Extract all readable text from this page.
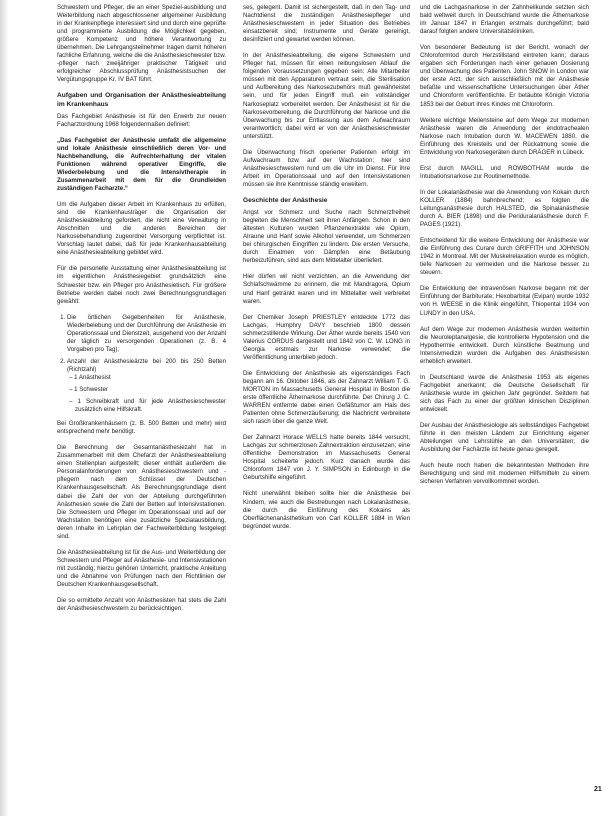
Schwestern und Pfleger, die an einer Speziel-ausbildung und Weiterbildung nach abgeschlossener allgemeiner Ausbildung in der Krankenpflege interessiert sind und durch eine geprüfte und programmierte Ausbildung die Möglichkeit gegeben, größere Kompetenz und höhere Verantwortung zu übernehmen. Die Lehrgangsteilnehmer tragen damit höheren fachliche Erfahrung, welche die die Anästhesieschwester bzw. -pfleger nach zweijähriger praktischer Tätigkeit und erfolgreicher Abschlussprüfung Anästhesistsuchen der Vergütungsgruppe Kr. IV BAT führt.

Aufgaben und Organisation der Anästhesieabteilung im Krankenhaus

Das Fachgebiet Anästhesie ist für den Erwerb zur neuen Facharztordnung 1968 folgendermaßen definiert:

„Das Fachgebiet der Anästhesie umfaßt die allgemeine und lokale Anästhesie einschließlich deren Vor- und Nachbehandlung, die Aufrechterhaltung der vitalen Funktionen während operativer Eingriffe, die Wiederbelebung und die Intensivtherapie in Zusammenarbeit mit dem für die Grundleiden zuständigen Facharzte.“

Um die Aufgaben dieser Arbeit im Krankenhaus zu erfüllen, sind die Krankenhausträger die Organisation der Anästhesieabteilung gefordert, die nicht eine Verwaltung in Abschnitten und die anderen Bereichen der Narkosebehandlung zugeordnet Versorgung verpflichtet ist. Vorschlag lautet dabei, daß für jede Krankenhausabteilung eine Anästhesieabteilung gebildet wird.

Für die personelle Ausstattung einer Anästhesieabteilung ist im eigentlichen Anästhesiegebiet grundsätzlich eine Schwester bzw. ein Pfleger pro Anästhesietisch. Für größere Betriebe werden dabei noch zwei Berechnungsgrundlagen gewählt:

1. Die örtlichen Gegebenheiten für Anästhesie, Wiederbelebung und der Durchführung der Anästhesie im Operationssaal und Dienstzeit, ausgehend von der Anzahl der täglich zu versorgenden Operationen (z. B. 4 Vorgaben pro Tag);
2. Anzahl der Anästhesieärzte bei 200 bis 250 Betten (Richtzahl)
– 1 Anästhesist
– 1 Schwester
– 1 Schreibkraft und für jede Anästhesieschwester zusätzlich eine Hilfskraft.

Bei Großkrankenhäusern (z. B. 500 Betten und mehr) wird entsprechend mehr benötigt.

Die Berechnung der Gesamtanästhesiezahl hat in Zusammenarbeit mit dem Chefarzt der Anästhesieabteilung einen Stellenplan aufgestellt; dieser enthält außerdem die Personalanforderungen von Anästhesieschwestern und -pflegern nach dem Schlüssel der Deutschen Krankenhausgesellschaft. Als Berechnungsgrundlage dient dabei die Zahl der von der Abteilung durchgeführten Anästhesien sowie die Zahl der Betten auf Intensivstationen. Die Schwestern und Pfleger im Operationssaal und auf der Wachstation benötigen eine zusätzliche Spezialausbildung, deren Inhalte im Lehrplan der Fachweiterbildung festgelegt sind.

Die Anästhesieabteilung ist für die Aus- und Weiterbildung der Schwestern und Pfleger auf Anästhesie- und Intensivstationen mit zuständig; hierzu gehören Unterricht, praktische Anleitung und die Abnahme von Prüfungen nach den Richtlinien der Deutschen Krankenhausgesellschaft.

Die so ermittelte Anzahl von Anästhesisten hat stets die Zahl der Anästhesieschwestern zu berücksichtigen.

ses, gelegent. Damit ist sichergestellt, daß in den Tag- und Nachtdienst die zuständigen Anästhesiepfleger und Anästhesieschwestern in jeder Situation des Betriebes einsatzbereit sind; Instrumente und Geräte gereinigt, desinfiziert und gewartet werden können.

In der Anästhesieabteilung, die eigene Schwestern und Pfleger hat, müssen für einen reibungslosen Ablauf die folgenden Voraussetzungen gegeben sein: Alle Mitarbeiter müssen mit den Apparaturen vertraut sein, die Sterilisation und Aufbereitung des Narkosezubehörs muß gewährleistet sein, und für jeden Eingriff muß ein vollständiger Narkoseplatz vorbereitet werden. Der Anästhesist ist für die Narkosevorbereitung, die Durchführung der Narkose und die Überwachung bis zur Entlassung aus dem Aufwachraum verantwortlich; dabei wird er von der Anästhesieschwester unterstützt.

Die Überwachung frisch operierter Patienten erfolgt im Aufwachraum bzw. auf der Wachstation; hier sind Anästhesieschwestern rund um die Uhr im Dienst. Für ihre Arbeit im Operationssaal und auf den Intensivstationen müssen sie ihre Kenntnisse ständig erweitern.

Geschichte der Anästhesie

Angst vor Schmerz und Suche nach Schmerzfreiheit begleiten die Menschheit seit ihren Anfängen. Schon in den ältesten Kulturen wurden Pflanzenextrakte wie Opium, Alraune und Hanf sowie Alkohol verwendet, um Schmerzen bei chirurgischen Eingriffen zu lindern. Die ersten Versuche, durch Einatmen von Dämpfen eine Betäubung herbeizuführen, sind aus dem Mittelalter überliefert.

Hier dürfen wir nicht verzichten, an die Anwendung der Schlafschwämme zu erinnern, die mit Mandragora, Opium und Hanf getränkt waren und im Mittelalter weit verbreitet waren.

Der Chemiker Joseph PRIESTLEY entdeckte 1772 das Lachgas, Humphry DAVY beschrieb 1800 dessen schmerzstillende Wirkung. Der Äther wurde bereits 1540 von Valerius CORDUS dargestellt und 1842 von C. W. LONG in Georgia erstmals zur Narkose verwendet; die Veröffentlichung unterblieb jedoch.

Die Entwicklung der Anästhesie als eigenständiges Fach begann am 16. Oktober 1846, als der Zahnarzt William T. G. MORTON im Massachusetts General Hospital in Boston die erste öffentliche Äthernarkose durchführte. Der Chirurg J. C. WARREN entfernte dabei einen Gefäßtumor am Hals des Patienten ohne Schmerzäußerung; die Nachricht verbreitete sich rasch über die ganze Welt.

Der Zahnarzt Horace WELLS hatte bereits 1844 versucht, Lachgas zur schmerzlosen Zahnextraktion einzusetzen; eine öffentliche Demonstration im Massachusetts General Hospital scheiterte jedoch. Kurz danach wurde das Chloroform 1847 von J. Y. SIMPSON in Edinburgh in die Geburtshilfe eingeführt.

Nicht unerwähnt bleiben sollte hier die Anästhesie bei Kindern, wie auch die Bestrebungen nach Lokalanästhesie, die durch die Einführung des Kokains als Oberflächenanästhetikum von Carl KOLLER 1884 in Wien begründet wurde.

und die Lachgasnarkose in der Zahnheilkunde setzten sich bald weltweit durch. In Deutschland wurde die Äthernarkose im Januar 1847 in Erlangen erstmals durchgeführt; bald darauf folgten andere Universitätskliniken.

Von besonderer Bedeutung ist der Bericht, wonach der Chloroformtod durch Herzstillstand eintreten kann; daraus ergaben sich Forderungen nach einer genauen Dosierung und Überwachung des Patienten. John SNOW in London war der erste Arzt, der sich ausschließlich mit der Anästhesie befaßte und wissenschaftliche Untersuchungen über Äther und Chloroform veröffentlichte. Er betäubte Königin Victoria 1853 bei der Geburt ihres Kindes mit Chloroform.

Weitere wichtige Meilensteine auf dem Wege zur modernen Anästhesie waren die Anwendung der endotrachealen Narkose nach Intubation durch W. MACEWEN 1880, die Einführung des Kreisteils und der Rückatmung sowie die Entwicklung von Narkosegeräten durch DRÄGER in Lübeck.

Erst durch MAGILL und ROWBOTHAM wurde die Intubationsnarkose zur Routinemethode.

In der Lokalanästhesie war die Anwendung von Kokain durch KOLLER (1884) bahnbrechend; es folgten die Leitungsanästhesie durch HALSTED, die Spinalanästhesie durch A. BIER (1898) und die Periduralanästhesie durch F. PAGES (1921).

Entscheidend für die weitere Entwicklung der Anästhesie war die Einführung des Curare durch GRIFFITH und JOHNSON 1942 in Montreal. Mit der Muskelrelaxation wurde es möglich, tiefe Narkosen zu vermeiden und die Narkose besser zu steuern.

Die Entwicklung der intravenösen Narkose begann mit der Einführung der Barbiturate; Hexobarbital (Evipan) wurde 1932 von H. WEESE in die Klinik eingeführt, Thiopental 1934 von LUNDY in den USA.

Auf dem Wege zur modernen Anästhesie wurden weiterhin die Neuroleptanalgesie, die kontrollierte Hypotension und die Hypothermie entwickelt. Durch künstliche Beatmung und Intensivmedizin wurden die Aufgaben des Anästhesisten erheblich erweitert.

In Deutschland wurde die Anästhesie 1953 als eigenes Fachgebiet anerkannt; die Deutsche Gesellschaft für Anästhesie wurde im gleichen Jahr gegründet. Seitdem hat sich das Fach zu einer der größten klinischen Disziplinen entwickelt.

Der Ausbau der Anästhesiologie als selbständiges Fachgebiet führte in den meisten Ländern zur Einrichtung eigener Abteilungen und Lehrstühle an den Universitäten; die Ausbildung der Fachärzte ist heute genau geregelt.

Auch heute noch haben die bekanntesten Methoden ihre Berechtigung und sind mit modernen Hilfsmitteln zu einem sicheren Verfahren vervollkommnet worden.

21
